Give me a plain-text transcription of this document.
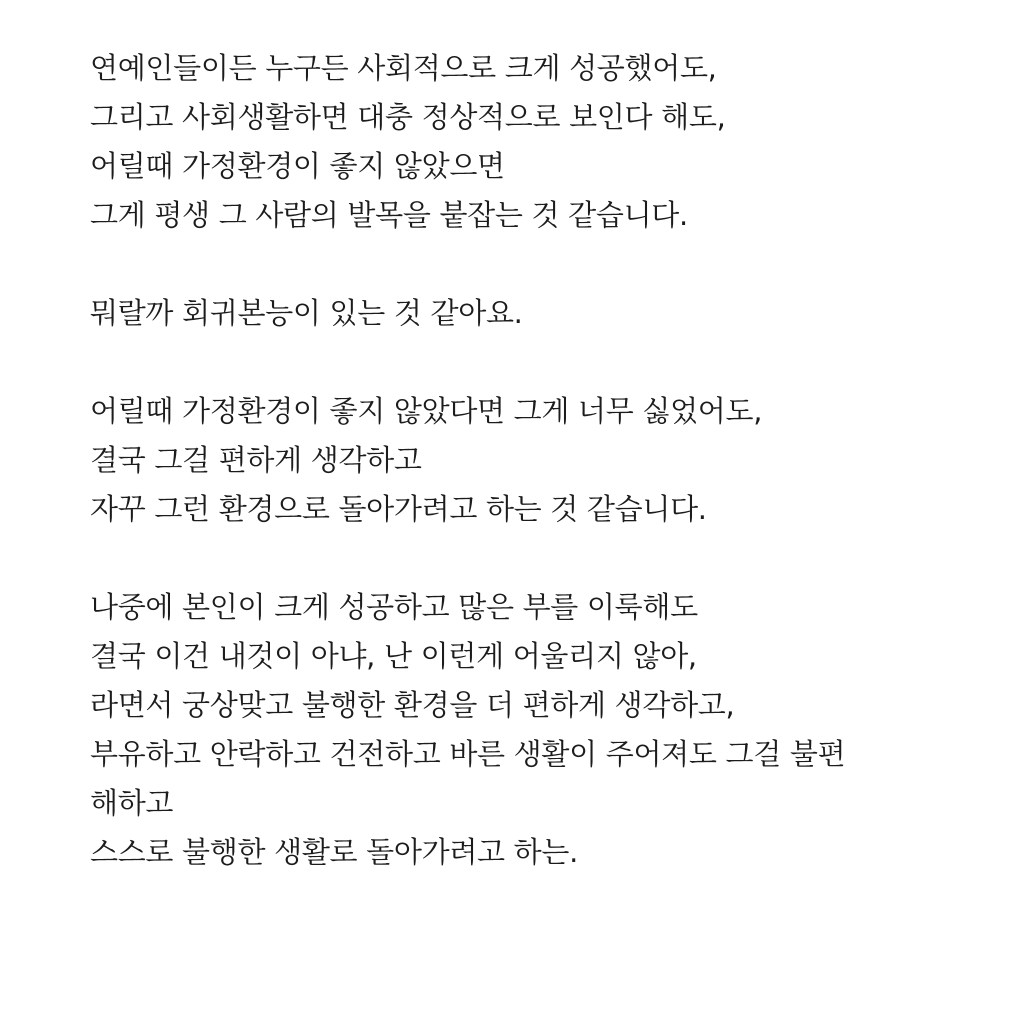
연예인들이든 누구든 사회적으로 크게 성공했어도,
그리고 사회생활하면 대충 정상적으로 보인다 해도,
어릴때 가정환경이 좋지 않았으면
그게 평생 그 사람의 발목을 붙잡는 것 같습니다.
뭐랄까 회귀본능이 있는 것 같아요.
어릴때 가정환경이 좋지 않았다면 그게 너무 싫었어도,
결국 그걸 편하게 생각하고
자꾸 그런 환경으로 돌아가려고 하는 것 같습니다.
나중에 본인이 크게 성공하고 많은 부를 이룩해도
결국 이건 내것이 아냐, 난 이런게 어울리지 않아,
라면서 궁상맞고 불행한 환경을 더 편하게 생각하고,
부유하고 안락하고 건전하고 바른 생활이 주어져도 그걸 불편
해하고
스스로 불행한 생활로 돌아가려고 하는.
